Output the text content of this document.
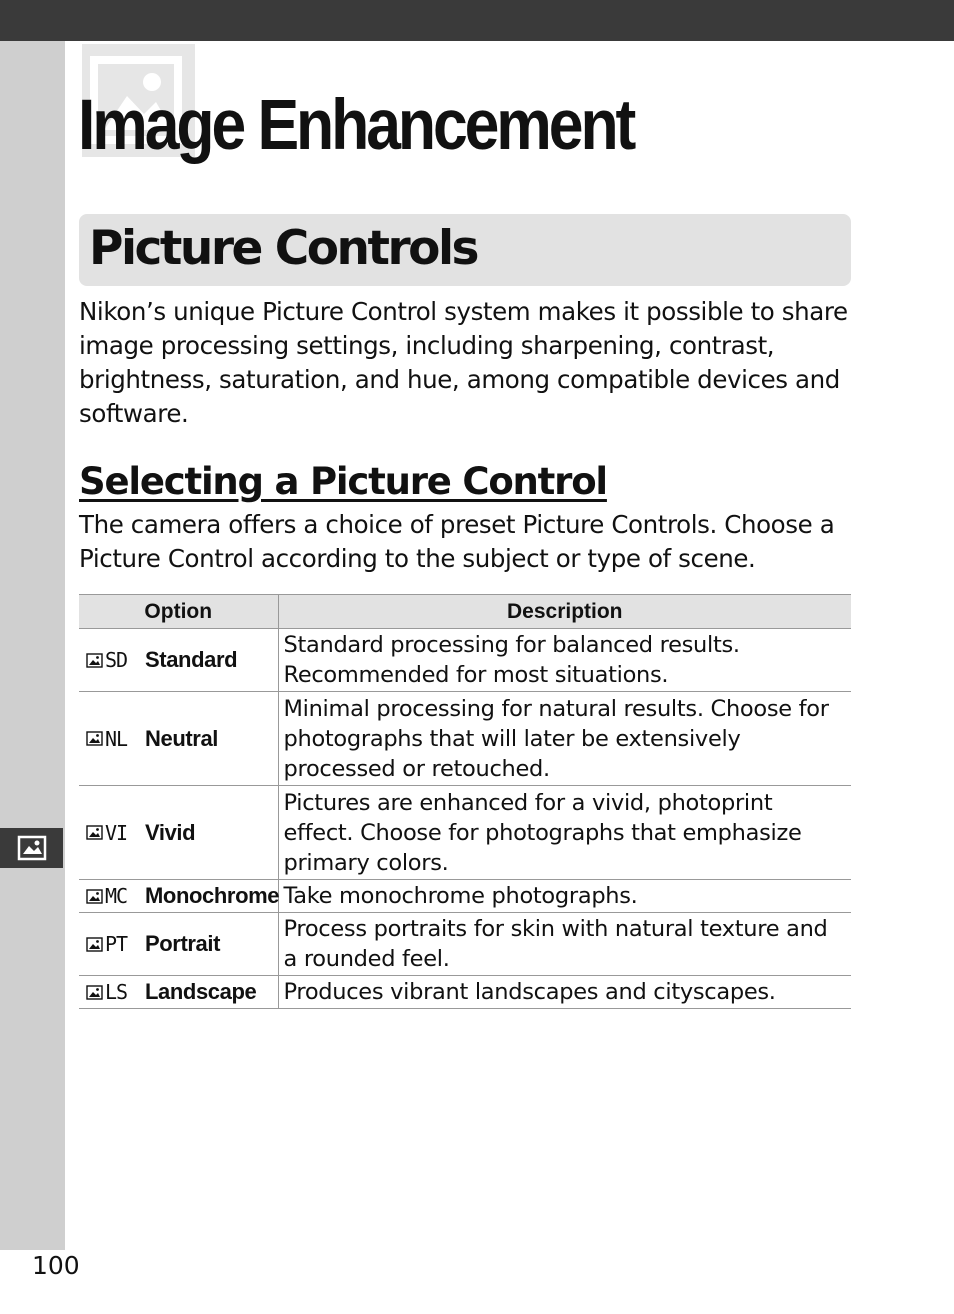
Image Enhancement
Picture Controls

Nikon’s unique Picture Control system makes it possible to share image processing settings, including sharpening, contrast, brightness, saturation, and hue, among compatible devices and software.

Selecting a Picture Control

The camera offers a choice of preset Picture Controls. Choose a Picture Control according to the subject or type of scene.

Option	Description

SD Standard	Standard processing for balanced results. Recommended for most situations.

NL Neutral	Minimal processing for natural results. Choose for photographs that will later be extensively processed or retouched.

VI Vivid	Pictures are enhanced for a vivid, photoprint effect. Choose for photographs that emphasize primary colors.

MC Monochrome	Take monochrome photographs.

PT Portrait	Process portraits for skin with natural texture and a rounded feel.

LS Landscape	Produces vibrant landscapes and cityscapes.
100
